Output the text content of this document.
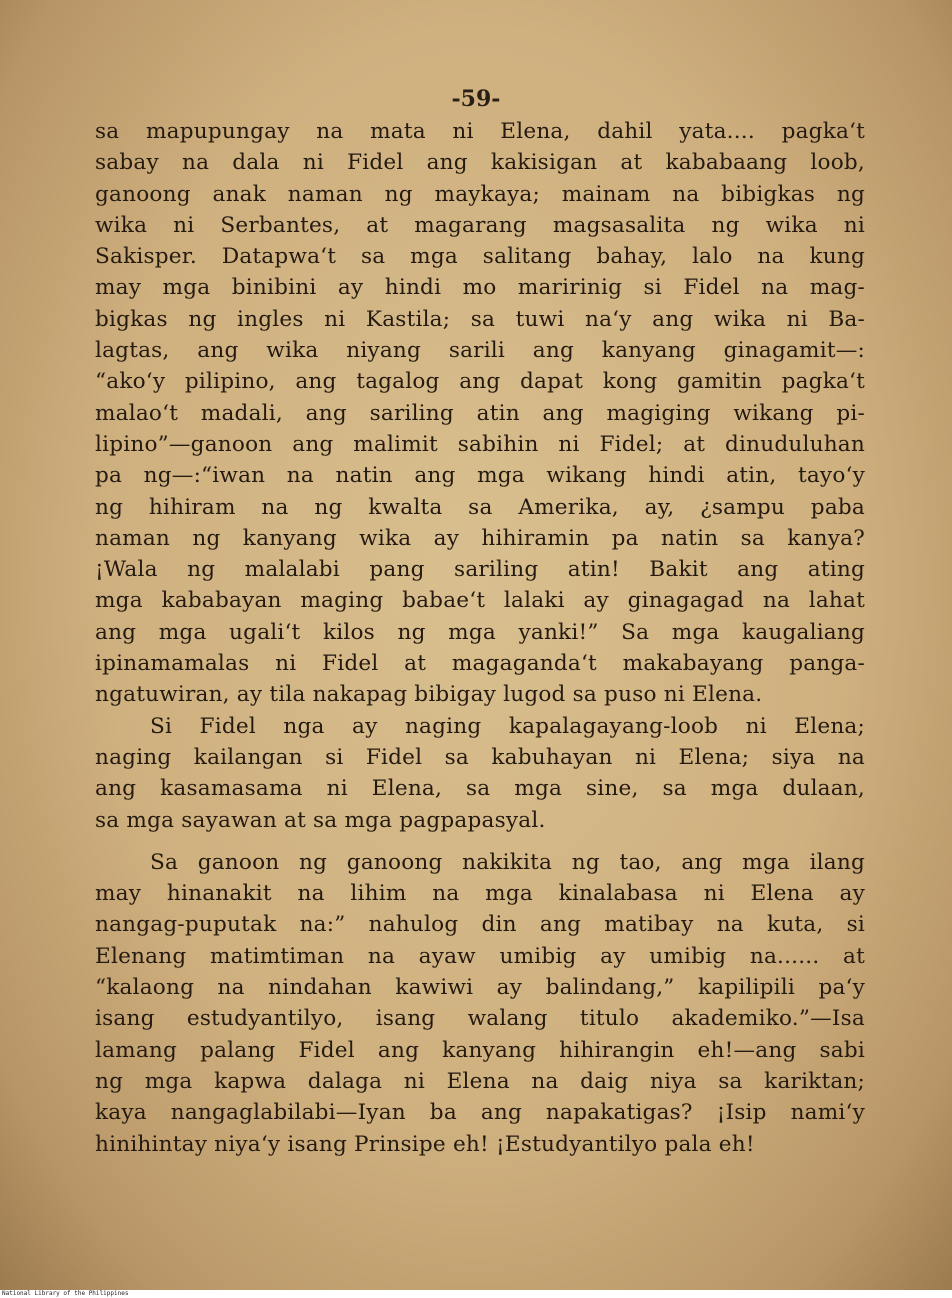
-59-
sa mapupungay na mata ni Elena, dahil yata.... pagka‘t
sabay na dala ni Fidel ang kakisigan at kababaang loob,
ganoong anak naman ng maykaya; mainam na bibigkas ng
wika ni Serbantes, at magarang magsasalita ng wika ni
Sakisper. Datapwa‘t sa mga salitang bahay, lalo na kung
may mga binibini ay hindi mo maririnig si Fidel na mag-
bigkas ng ingles ni Kastila; sa tuwi na‘y ang wika ni Ba-
lagtas, ang wika niyang sarili ang kanyang ginagamit—:
“ako‘y pilipino, ang tagalog ang dapat kong gamitin pagka‘t
malao‘t madali, ang sariling atin ang magiging wikang pi-
lipino”—ganoon ang malimit sabihin ni Fidel; at dinuduluhan
pa ng—:“iwan na natin ang mga wikang hindi atin, tayo‘y
ng hihiram na ng kwalta sa Amerika, ay, ¿sampu paba
naman ng kanyang wika ay hihiramin pa natin sa kanya?
¡Wala ng malalabi pang sariling atin! Bakit ang ating
mga kababayan maging babae‘t lalaki ay ginagagad na lahat
ang mga ugali‘t kilos ng mga yanki!” Sa mga kaugaliang
ipinamamalas ni Fidel at magaganda‘t makabayang panga-
ngatuwiran, ay tila nakapag bibigay lugod sa puso ni Elena.
Si Fidel nga ay naging kapalagayang-loob ni Elena;
naging kailangan si Fidel sa kabuhayan ni Elena; siya na
ang kasamasama ni Elena, sa mga sine, sa mga dulaan,
sa mga sayawan at sa mga pagpapasyal.
Sa ganoon ng ganoong nakikita ng tao, ang mga ilang
may hinanakit na lihim na mga kinalabasa ni Elena ay
nangag-puputak na:” nahulog din ang matibay na kuta, si
Elenang matimtiman na ayaw umibig ay umibig na...... at
“kalaong na nindahan kawiwi ay balindang,” kapilipili pa‘y
isang estudyantilyo, isang walang titulo akademiko.”—Isa
lamang palang Fidel ang kanyang hihirangin eh!—ang sabi
ng mga kapwa dalaga ni Elena na daig niya sa kariktan;
kaya nangaglabilabi—Iyan ba ang napakatigas? ¡Isip nami‘y
hinihintay niya‘y isang Prinsipe eh! ¡Estudyantilyo pala eh!
National Library of the Philippines
